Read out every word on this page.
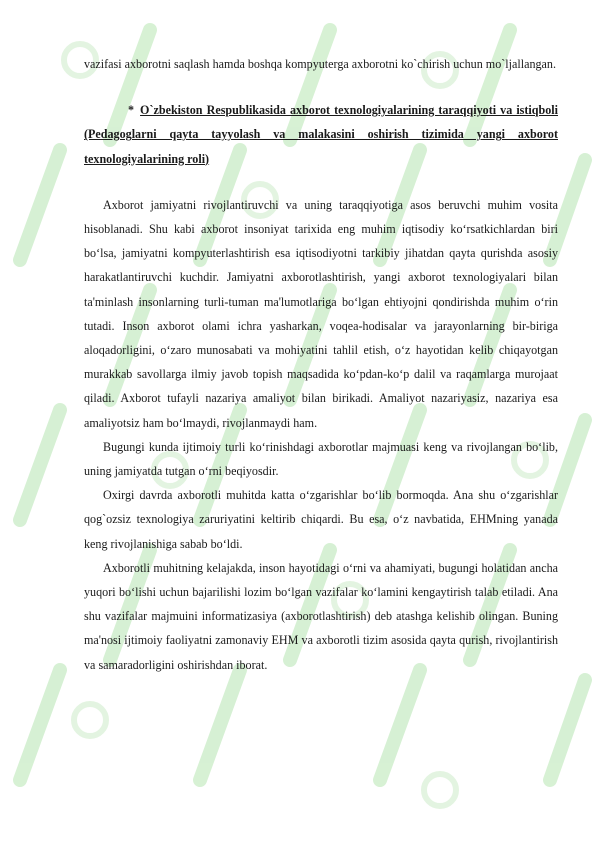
vazifasi axborotni saqlash hamda boshqa kompyuterga axborotni ko`chirish uchun mo`ljallangan.

* O`zbekiston Respublikasida axborot texnologiyalarining taraqqiyoti va istiqboli (Pedagoglarni qayta tayyolash va malakasini oshirish tizimida yangi axborot texnologiyalarining roli)

Axborot jamiyatni rivojlantiruvchi va uning taraqqiyotiga asos beruvchi muhim vosita hisoblanadi. Shu kabi axborot insoniyat tarixida eng muhim iqtisodiy ko‘rsatkichlardan biri bo‘lsa, jamiyatni kompyuterlashtirish esa iqtisodiyotni tarkibiy jihatdan qayta qurishda asosiy harakatlantiruvchi kuchdir. Jamiyatni axborotlashtirish, yangi axborot texnologiyalari bilan ta'minlash insonlarning turli-tuman ma'lumotlariga bo‘lgan ehtiyojni qondirishda muhim o‘rin tutadi. Inson axborot olami ichra yasharkan, voqea-hodisalar va jarayonlarning bir-biriga aloqadorligini, o‘zaro munosabati va mohiyatini tahlil etish, o‘z hayotidan kelib chiqayotgan murakkab savollarga ilmiy javob topish maqsadida ko‘pdan-ko‘p dalil va raqamlarga murojaat qiladi. Axborot tufayli nazariya amaliyot bilan birikadi. Amaliyot nazariyasiz, nazariya esa amaliyotsiz ham bo‘lmaydi, rivojlanmaydi ham.

Bugungi kunda ijtimoiy turli ko‘rinishdagi axborotlar majmuasi keng va rivojlangan bo‘lib, uning jamiyatda tutgan o‘rni beqiyosdir.

Oxirgi davrda axborotli muhitda katta o‘zgarishlar bo‘lib bormoqda. Ana shu o‘zgarishlar qog`ozsiz texnologiya zaruriyatini keltirib chiqardi. Bu esa, o‘z navbatida, EHMning yanada keng rivojlanishiga sabab bo‘ldi.

Axborotli muhitning kelajakda, inson hayotidagi o‘rni va ahamiyati, bugungi holatidan ancha yuqori bo‘lishi uchun bajarilishi lozim bo‘lgan vazifalar ko‘lamini kengaytirish talab etiladi. Ana shu vazifalar majmuini informatizasiya (axborotlashtirish) deb atashga kelishib olingan. Buning ma'nosi ijtimoiy faoliyatni zamonaviy EHM va axborotli tizim asosida qayta qurish, rivojlantirish va samaradorligini oshirishdan iborat.
